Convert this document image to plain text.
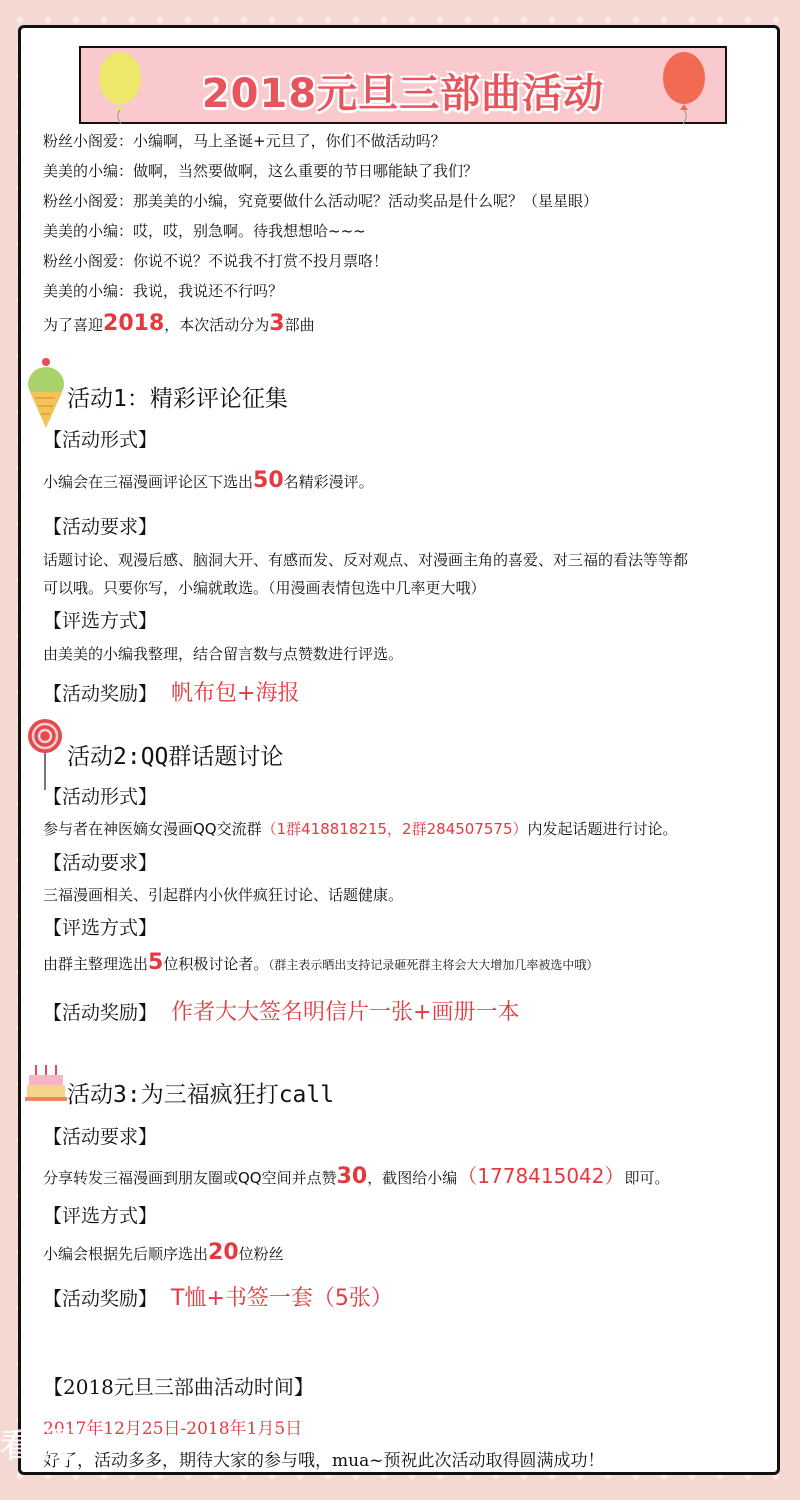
2018元旦三部曲活动
粉丝小阁爱：小编啊，马上圣诞+元旦了，你们不做活动吗？
美美的小编：做啊，当然要做啊，这么重要的节日哪能缺了我们？
粉丝小阁爱：那美美的小编，究竟要做什么活动呢？活动奖品是什么呢？（星星眼）
美美的小编：哎，哎，别急啊。待我想想哈~~~
粉丝小阁爱：你说不说？不说我不打赏不投月票咯！
美美的小编：我说，我说还不行吗？
为了喜迎2018，本次活动分为3部曲
活动1：精彩评论征集
【活动形式】
小编会在三福漫画评论区下选出50名精彩漫评。
【活动要求】
话题讨论、观漫后感、脑洞大开、有感而发、反对观点、对漫画主角的喜爱、对三福的看法等等都
可以哦。只要你写，小编就敢选。（用漫画表情包选中几率更大哦）
【评选方式】
由美美的小编我整理，结合留言数与点赞数进行评选。
【活动奖励】 帆布包+海报
活动2:QQ群话题讨论
【活动形式】
参与者在神医嫡女漫画QQ交流群（1群418818215，2群284507575）内发起话题进行讨论。
【活动要求】
三福漫画相关、引起群内小伙伴疯狂讨论、话题健康。
【评选方式】
由群主整理选出5位积极讨论者。（群主表示晒出支持记录砸死群主将会大大增加几率被选中哦）
【活动奖励】 作者大大签名明信片一张+画册一本
活动3:为三福疯狂打call
【活动要求】
分享转发三福漫画到朋友圈或QQ空间并点赞30，截图给小编（1778415042）即可。
【评选方式】
小编会根据先后顺序选出20位粉丝
【活动奖励】 T恤+书签一套（5张）
【2018元旦三部曲活动时间】
2017年12月25日-2018年1月5日
好了，活动多多，期待大家的参与哦，mua~预祝此次活动取得圆满成功！
看漫
